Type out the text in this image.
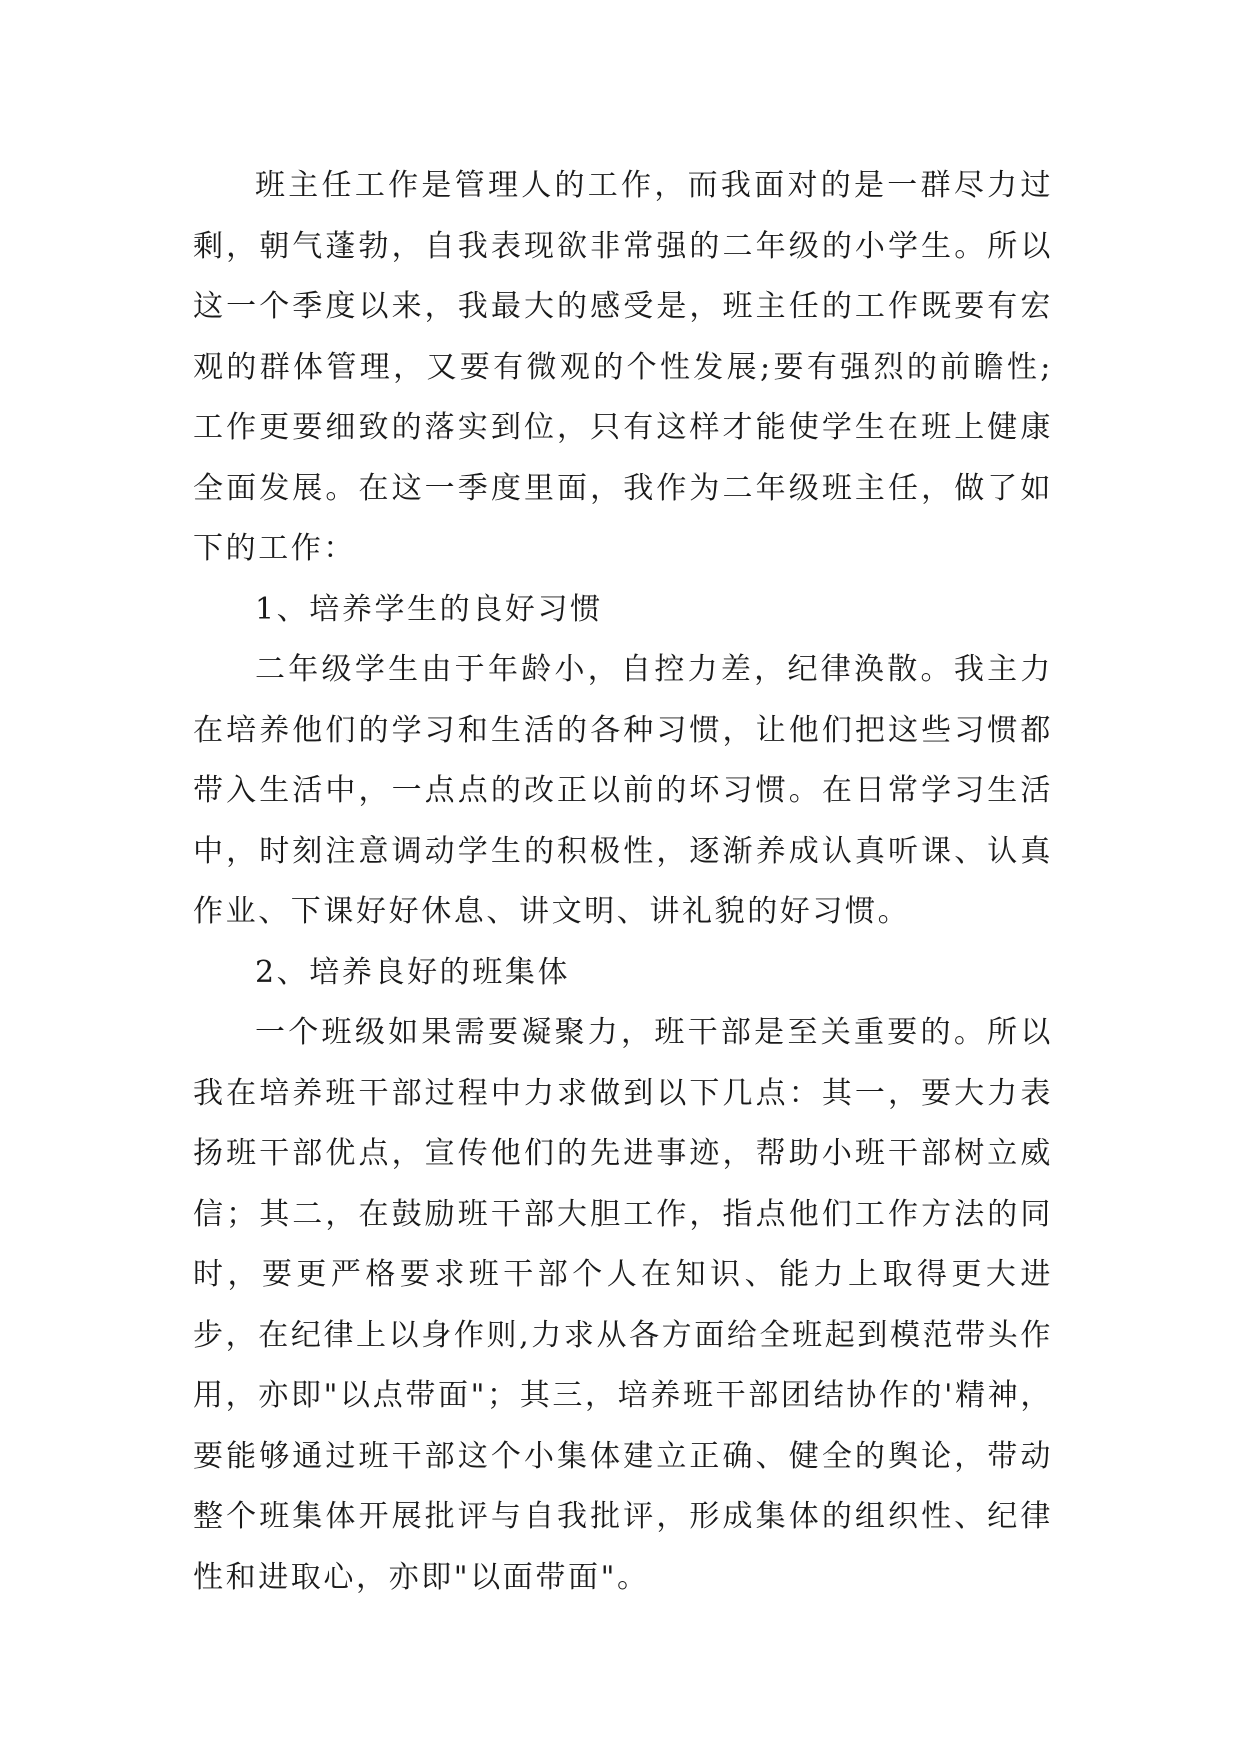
班主任工作是管理人的工作，而我面对的是一群尽力过剩，朝气蓬勃，自我表现欲非常强的二年级的小学生。所以这一个季度以来，我最大的感受是，班主任的工作既要有宏观的群体管理，又要有微观的个性发展;要有强烈的前瞻性;工作更要细致的落实到位，只有这样才能使学生在班上健康全面发展。在这一季度里面，我作为二年级班主任，做了如下的工作：

1、培养学生的良好习惯

二年级学生由于年龄小，自控力差，纪律涣散。我主力在培养他们的学习和生活的各种习惯，让他们把这些习惯都带入生活中，一点点的改正以前的坏习惯。在日常学习生活中，时刻注意调动学生的积极性，逐渐养成认真听课、认真作业、下课好好休息、讲文明、讲礼貌的好习惯。

2、培养良好的班集体

一个班级如果需要凝聚力，班干部是至关重要的。所以我在培养班干部过程中力求做到以下几点：其一，要大力表扬班干部优点，宣传他们的先进事迹，帮助小班干部树立威信；其二，在鼓励班干部大胆工作，指点他们工作方法的同时，要更严格要求班干部个人在知识、能力上取得更大进步，在纪律上以身作则,力求从各方面给全班起到模范带头作用，亦即"以点带面"；其三，培养班干部团结协作的'精神，要能够通过班干部这个小集体建立正确、健全的舆论，带动整个班集体开展批评与自我批评，形成集体的组织性、纪律性和进取心，亦即"以面带面"。
